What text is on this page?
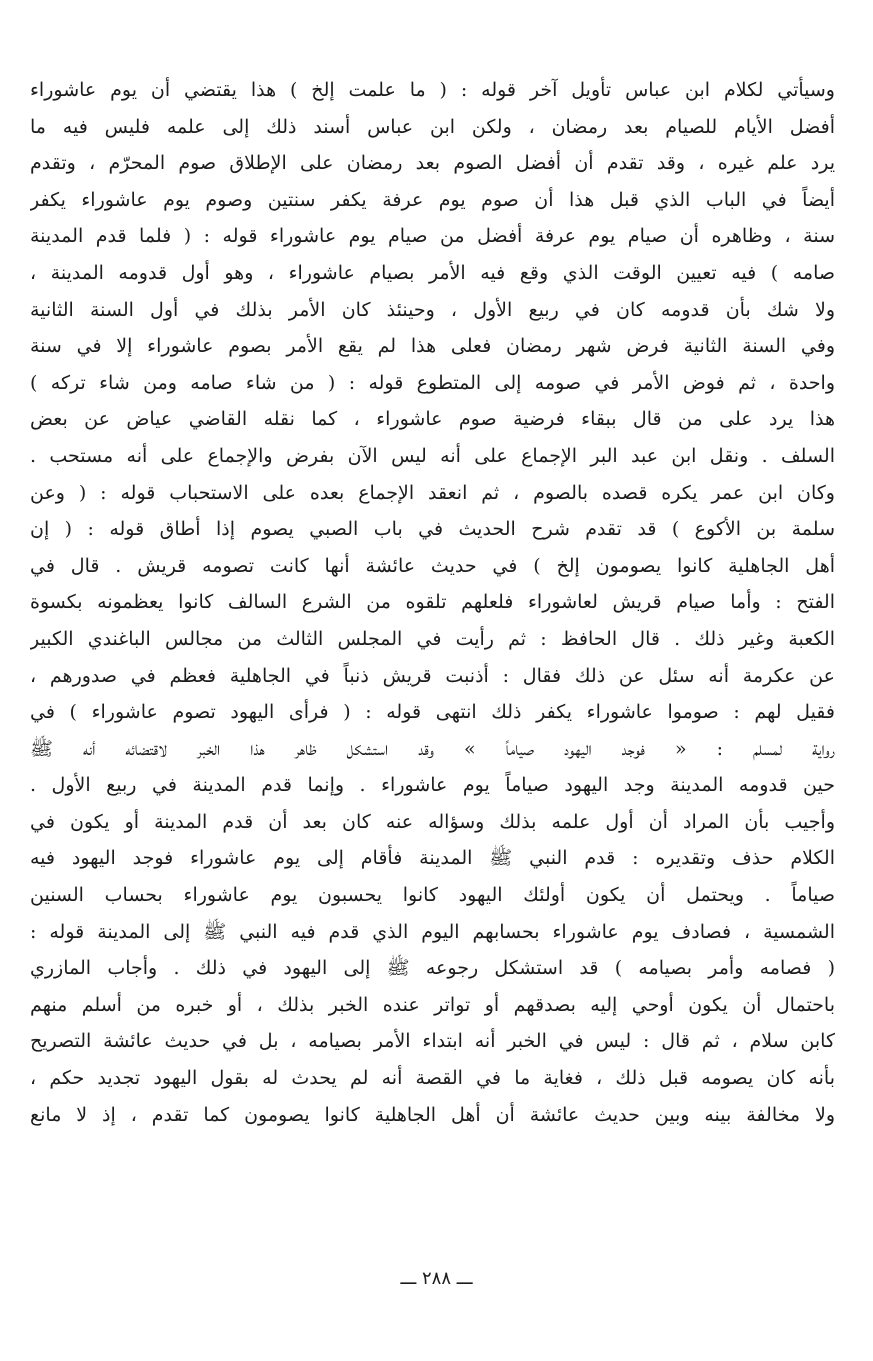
وسيأتي لكلام ابن عباس تأويل آخر قوله : ( ما علمت إلخ ) هذا يقتضي أن يوم عاشوراء
أفضل الأيام للصيام بعد رمضان ، ولكن ابن عباس أسند ذلك إلى علمه فليس فيه ما
يرد علم غيره ، وقد تقدم أن أفضل الصوم بعد رمضان على الإطلاق صوم المحرّم ، وتقدم
أيضاً في الباب الذي قبل هذا أن صوم يوم عرفة يكفر سنتين وصوم يوم عاشوراء يكفر
سنة ، وظاهره أن صيام يوم عرفة أفضل من صيام يوم عاشوراء قوله : ( فلما قدم المدينة
صامه ) فيه تعيين الوقت الذي وقع فيه الأمر بصيام عاشوراء ، وهو أول قدومه المدينة ،
ولا شك بأن قدومه كان في ربيع الأول ، وحينئذ كان الأمر بذلك في أول السنة الثانية
وفي السنة الثانية فرض شهر رمضان فعلى هذا لم يقع الأمر بصوم عاشوراء إلا في سنة
واحدة ، ثم فوض الأمر في صومه إلى المتطوع قوله : ( من شاء صامه ومن شاء تركه )
هذا يرد على من قال ببقاء فرضية صوم عاشوراء ، كما نقله القاضي عياض عن بعض
السلف . ونقل ابن عبد البر الإجماع على أنه ليس الآن بفرض والإجماع على أنه مستحب .
وكان ابن عمر يكره قصده بالصوم ، ثم انعقد الإجماع بعده على الاستحباب قوله : ( وعن
سلمة بن الأكوع ) قد تقدم شرح الحديث في باب الصبي يصوم إذا أطاق قوله : ( إن
أهل الجاهلية كانوا يصومون إلخ ) في حديث عائشة أنها كانت تصومه قريش . قال في
الفتح : وأما صيام قريش لعاشوراء فلعلهم تلقوه من الشرع السالف كانوا يعظمونه بكسوة
الكعبة وغير ذلك . قال الحافظ : ثم رأيت في المجلس الثالث من مجالس الباغندي الكبير
عن عكرمة أنه سئل عن ذلك فقال : أذنبت قريش ذنباً في الجاهلية فعظم في صدورهم ،
فقيل لهم : صوموا عاشوراء يكفر ذلك انتهى قوله : ( فرأى اليهود تصوم عاشوراء ) في
رواية لمسلم : « فوجد اليهود صياماً » وقد استشكل ظاهر هذا الخبر لاقتضائه أنه ﷺ
حين قدومه المدينة وجد اليهود صياماً يوم عاشوراء . وإنما قدم المدينة في ربيع الأول .
وأجيب بأن المراد أن أول علمه بذلك وسؤاله عنه كان بعد أن قدم المدينة أو يكون في
الكلام حذف وتقديره : قدم النبي ﷺ المدينة فأقام إلى يوم عاشوراء فوجد اليهود فيه
صياماً . ويحتمل أن يكون أولئك اليهود كانوا يحسبون يوم عاشوراء بحساب السنين
الشمسية ، فصادف يوم عاشوراء بحسابهم اليوم الذي قدم فيه النبي ﷺ إلى المدينة قوله :
( فصامه وأمر بصيامه ) قد استشكل رجوعه ﷺ إلى اليهود في ذلك . وأجاب المازري
باحتمال أن يكون أوحي إليه بصدقهم أو تواتر عنده الخبر بذلك ، أو خبره من أسلم منهم
كابن سلام ، ثم قال : ليس في الخبر أنه ابتداء الأمر بصيامه ، بل في حديث عائشة التصريح
بأنه كان يصومه قبل ذلك ، فغاية ما في القصة أنه لم يحدث له بقول اليهود تجديد حكم ،
ولا مخالفة بينه وبين حديث عائشة أن أهل الجاهلية كانوا يصومون كما تقدم ، إذ لا مانع
ـــ ٢٨٨ ـــ
